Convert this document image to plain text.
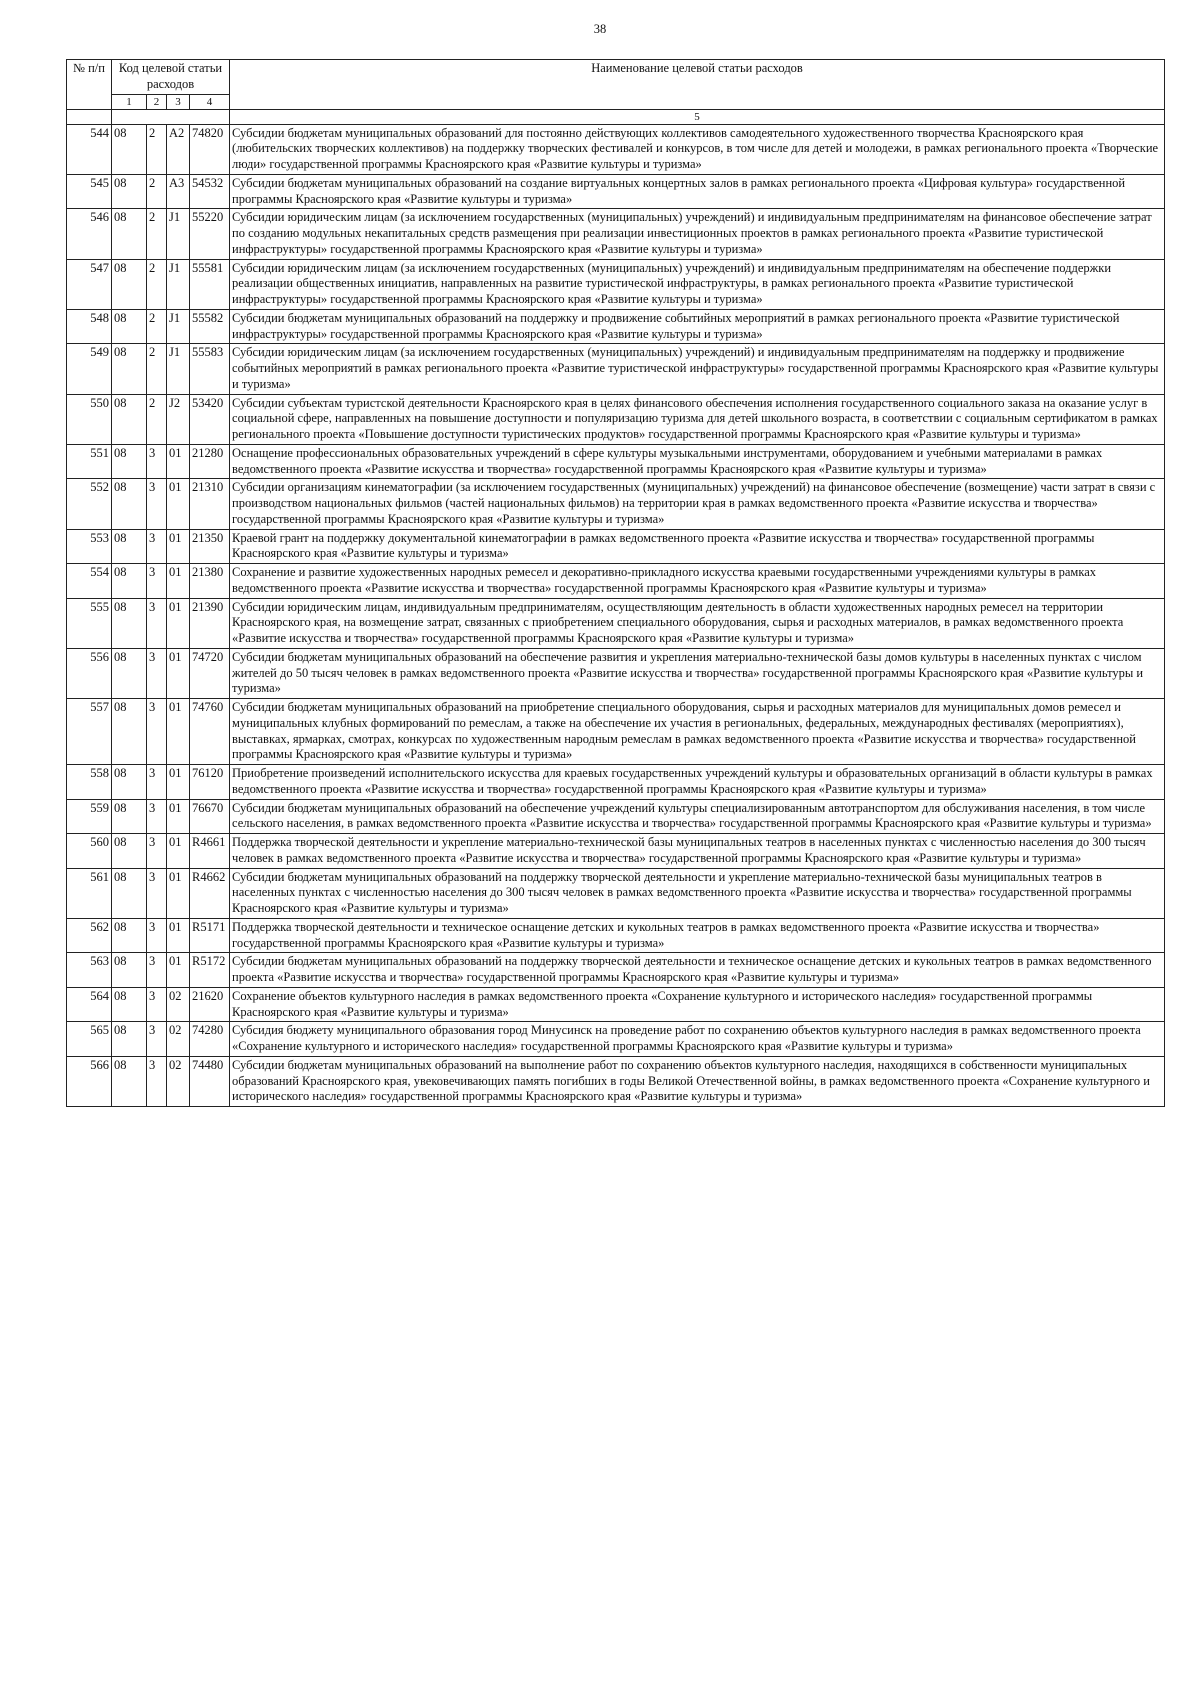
38
№ п/п	Код целевой статьи расходов				Наименование целевой статьи расходов
	1	2	3	4	
					5
544	08	2	A2	74820	Субсидии бюджетам муниципальных образований для постоянно действующих коллективов самодеятельного художественного творчества Красноярского края (любительских творческих коллективов) на поддержку творческих фестивалей и конкурсов, в том числе для детей и молодежи, в рамках регионального проекта «Творческие люди» государственной программы Красноярского края «Развитие культуры и туризма»
545	08	2	A3	54532	Субсидии бюджетам муниципальных образований на создание виртуальных концертных залов в рамках регионального проекта «Цифровая культура» государственной программы Красноярского края «Развитие культуры и туризма»
546	08	2	J1	55220	Субсидии юридическим лицам (за исключением государственных (муниципальных) учреждений) и индивидуальным предпринимателям на финансовое обеспечение затрат по созданию модульных некапитальных средств размещения при реализации инвестиционных проектов в рамках регионального проекта «Развитие туристической инфраструктуры» государственной программы Красноярского края «Развитие культуры и туризма»
547	08	2	J1	55581	Субсидии юридическим лицам (за исключением государственных (муниципальных) учреждений) и индивидуальным предпринимателям на обеспечение поддержки реализации общественных инициатив, направленных на развитие туристической инфраструктуры, в рамках регионального проекта «Развитие туристической инфраструктуры» государственной программы Красноярского края «Развитие культуры и туризма»
548	08	2	J1	55582	Субсидии бюджетам муниципальных образований на поддержку и продвижение событийных мероприятий в рамках регионального проекта «Развитие туристической инфраструктуры» государственной программы Красноярского края «Развитие культуры и туризма»
549	08	2	J1	55583	Субсидии юридическим лицам (за исключением государственных (муниципальных) учреждений) и индивидуальным предпринимателям на поддержку и продвижение событийных мероприятий в рамках регионального проекта «Развитие туристической инфраструктуры» государственной программы Красноярского края «Развитие культуры и туризма»
550	08	2	J2	53420	Субсидии субъектам туристской деятельности Красноярского края в целях финансового обеспечения исполнения государственного социального заказа на оказание услуг в социальной сфере, направленных на повышение доступности и популяризацию туризма для детей школьного возраста, в соответствии с социальным сертификатом в рамках регионального проекта «Повышение доступности туристических продуктов» государственной программы Красноярского края «Развитие культуры и туризма»
551	08	3	01	21280	Оснащение профессиональных образовательных учреждений в сфере культуры музыкальными инструментами, оборудованием и учебными материалами в рамках ведомственного проекта «Развитие искусства и творчества» государственной программы Красноярского края «Развитие культуры и туризма»
552	08	3	01	21310	Субсидии организациям кинематографии (за исключением государственных (муниципальных) учреждений) на финансовое обеспечение (возмещение) части затрат в связи с производством национальных фильмов (частей национальных фильмов) на территории края в рамках ведомственного проекта «Развитие искусства и творчества» государственной программы Красноярского края «Развитие культуры и туризма»
553	08	3	01	21350	Краевой грант на поддержку документальной кинематографии в рамках ведомственного проекта «Развитие искусства и творчества» государственной программы Красноярского края «Развитие культуры и туризма»
554	08	3	01	21380	Сохранение и развитие художественных народных ремесел и декоративно-прикладного искусства краевыми государственными учреждениями культуры в рамках ведомственного проекта «Развитие искусства и творчества» государственной программы Красноярского края «Развитие культуры и туризма»
555	08	3	01	21390	Субсидии юридическим лицам, индивидуальным предпринимателям, осуществляющим деятельность в области художественных народных ремесел на территории Красноярского края, на возмещение затрат, связанных с приобретением специального оборудования, сырья и расходных материалов, в рамках ведомственного проекта «Развитие искусства и творчества» государственной программы Красноярского края «Развитие культуры и туризма»
556	08	3	01	74720	Субсидии бюджетам муниципальных образований на обеспечение развития и укрепления материально-технической базы домов культуры в населенных пунктах с числом жителей до 50 тысяч человек в рамках ведомственного проекта «Развитие искусства и творчества» государственной программы Красноярского края «Развитие культуры и туризма»
557	08	3	01	74760	Субсидии бюджетам муниципальных образований на приобретение специального оборудования, сырья и расходных материалов для муниципальных домов ремесел и муниципальных клубных формирований по ремеслам, а также на обеспечение их участия в региональных, федеральных, международных фестивалях (мероприятиях), выставках, ярмарках, смотрах, конкурсах по художественным народным ремеслам в рамках ведомственного проекта «Развитие искусства и творчества» государственной программы Красноярского края «Развитие культуры и туризма»
558	08	3	01	76120	Приобретение произведений исполнительского искусства для краевых государственных учреждений культуры и образовательных организаций в области культуры в рамках ведомственного проекта «Развитие искусства и творчества» государственной программы Красноярского края «Развитие культуры и туризма»
559	08	3	01	76670	Субсидии бюджетам муниципальных образований на обеспечение учреждений культуры специализированным автотранспортом для обслуживания населения, в том числе сельского населения, в рамках ведомственного проекта «Развитие искусства и творчества» государственной программы Красноярского края «Развитие культуры и туризма»
560	08	3	01	R4661	Поддержка творческой деятельности и укрепление материально-технической базы муниципальных театров в населенных пунктах с численностью населения до 300 тысяч человек в рамках ведомственного проекта «Развитие искусства и творчества» государственной программы Красноярского края «Развитие культуры и туризма»
561	08	3	01	R4662	Субсидии бюджетам муниципальных образований на поддержку творческой деятельности и укрепление материально-технической базы муниципальных театров в населенных пунктах с численностью населения до 300 тысяч человек в рамках ведомственного проекта «Развитие искусства и творчества» государственной программы Красноярского края «Развитие культуры и туризма»
562	08	3	01	R5171	Поддержка творческой деятельности и техническое оснащение детских и кукольных театров в рамках ведомственного проекта «Развитие искусства и творчества» государственной программы Красноярского края «Развитие культуры и туризма»
563	08	3	01	R5172	Субсидии бюджетам муниципальных образований на поддержку творческой деятельности и техническое оснащение детских и кукольных театров в рамках ведомственного проекта «Развитие искусства и творчества» государственной программы Красноярского края «Развитие культуры и туризма»
564	08	3	02	21620	Сохранение объектов культурного наследия в рамках ведомственного проекта «Сохранение культурного и исторического наследия» государственной программы Красноярского края «Развитие культуры и туризма»
565	08	3	02	74280	Субсидия бюджету муниципального образования город Минусинск на проведение работ по сохранению объектов культурного наследия в рамках ведомственного проекта «Сохранение культурного и исторического наследия» государственной программы Красноярского края «Развитие культуры и туризма»
566	08	3	02	74480	Субсидии бюджетам муниципальных образований на выполнение работ по сохранению объектов культурного наследия, находящихся в собственности муниципальных образований Красноярского края, увековечивающих память погибших в годы Великой Отечественной войны, в рамках ведомственного проекта «Сохранение культурного и исторического наследия» государственной программы Красноярского края «Развитие культуры и туризма»
